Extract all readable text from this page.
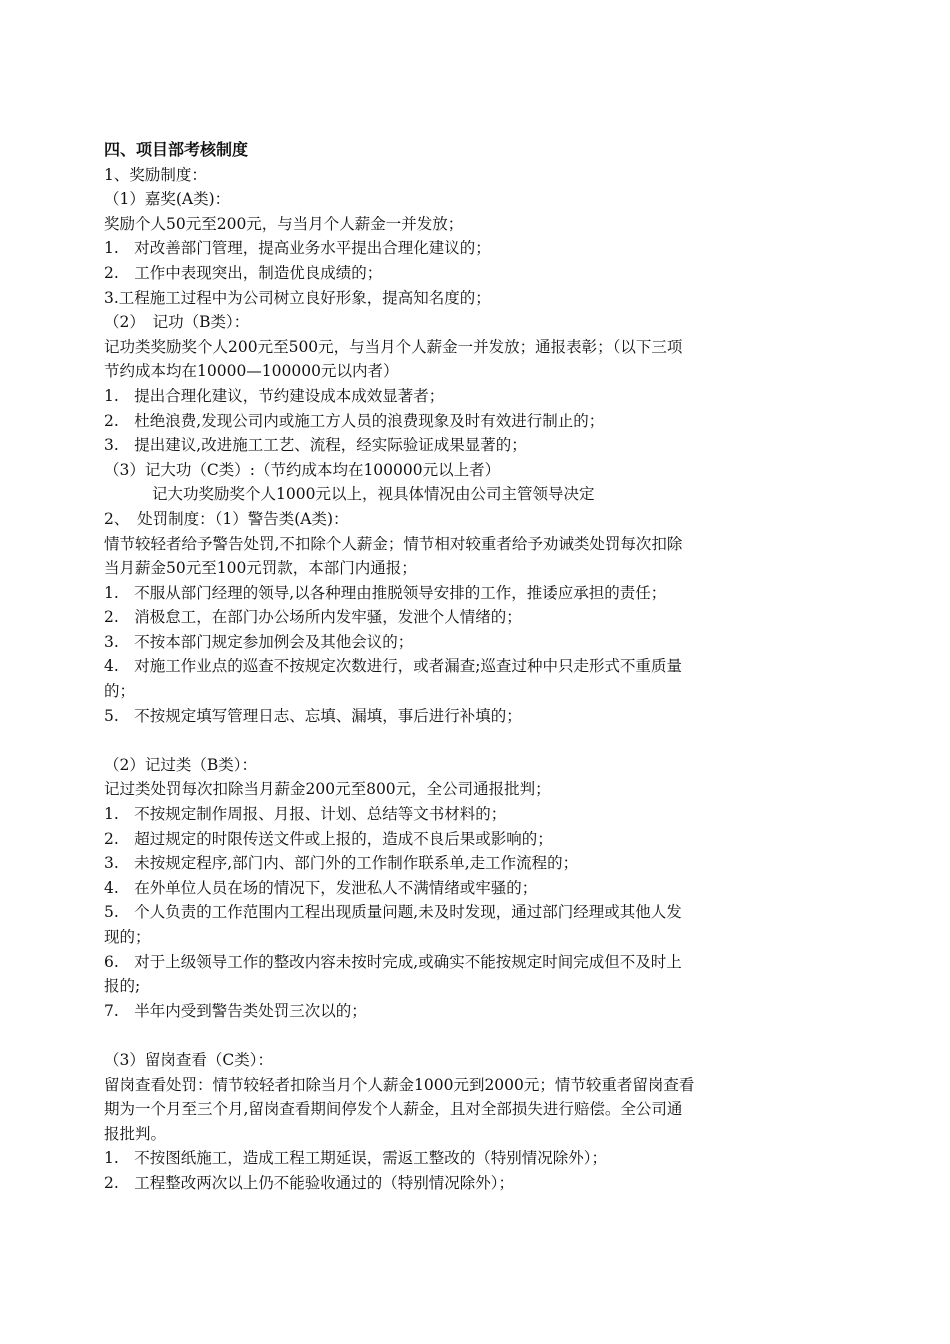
四、项目部考核制度
1、奖励制度：
（1）嘉奖(A类)：
奖励个人50元至200元，与当月个人薪金一并发放；
1.　对改善部门管理，提高业务水平提出合理化建议的；
2.　工作中表现突出，制造优良成绩的；
3.工程施工过程中为公司树立良好形象，提高知名度的；
（2）　记功（B类）：
记功类奖励奖个人200元至500元，与当月个人薪金一并发放；通报表彰；（以下三项
节约成本均在10000—100000元以内者）
1.　提出合理化建议，节约建设成本成效显著者；
2.　杜绝浪费,发现公司内或施工方人员的浪费现象及时有效进行制止的；
3.　提出建议,改进施工工艺、流程，经实际验证成果显著的；
（3）记大功（C类）:（节约成本均在100000元以上者）
记大功奖励奖个人1000元以上，视具体情况由公司主管领导决定
2、　处罚制度：（1）警告类(A类)：
情节较轻者给予警告处罚,不扣除个人薪金；情节相对较重者给予劝诫类处罚每次扣除
当月薪金50元至100元罚款，本部门内通报；
1.　不服从部门经理的领导,以各种理由推脱领导安排的工作，推诿应承担的责任；
2.　消极怠工，在部门办公场所内发牢骚，发泄个人情绪的；
3.　不按本部门规定参加例会及其他会议的；
4.　对施工作业点的巡查不按规定次数进行，或者漏查;巡查过种中只走形式不重质量
的；
5.　不按规定填写管理日志、忘填、漏填，事后进行补填的；
（2）记过类（B类）：
记过类处罚每次扣除当月薪金200元至800元，全公司通报批判；
1.　不按规定制作周报、月报、计划、总结等文书材料的；
2.　超过规定的时限传送文件或上报的，造成不良后果或影响的；
3.　未按规定程序,部门内、部门外的工作制作联系单,走工作流程的；
4.　在外单位人员在场的情况下，发泄私人不满情绪或牢骚的；
5.　个人负责的工作范围内工程出现质量问题,未及时发现，通过部门经理或其他人发
现的；
6.　对于上级领导工作的整改内容未按时完成,或确实不能按规定时间完成但不及时上
报的;
7.　半年内受到警告类处罚三次以的；
（3）留岗查看（C类）：
留岗查看处罚：情节较轻者扣除当月个人薪金1000元到2000元；情节较重者留岗查看
期为一个月至三个月,留岗查看期间停发个人薪金，且对全部损失进行赔偿。全公司通
报批判。
1.　不按图纸施工，造成工程工期延误，需返工整改的（特别情况除外）；
2.　工程整改两次以上仍不能验收通过的（特别情况除外）；
